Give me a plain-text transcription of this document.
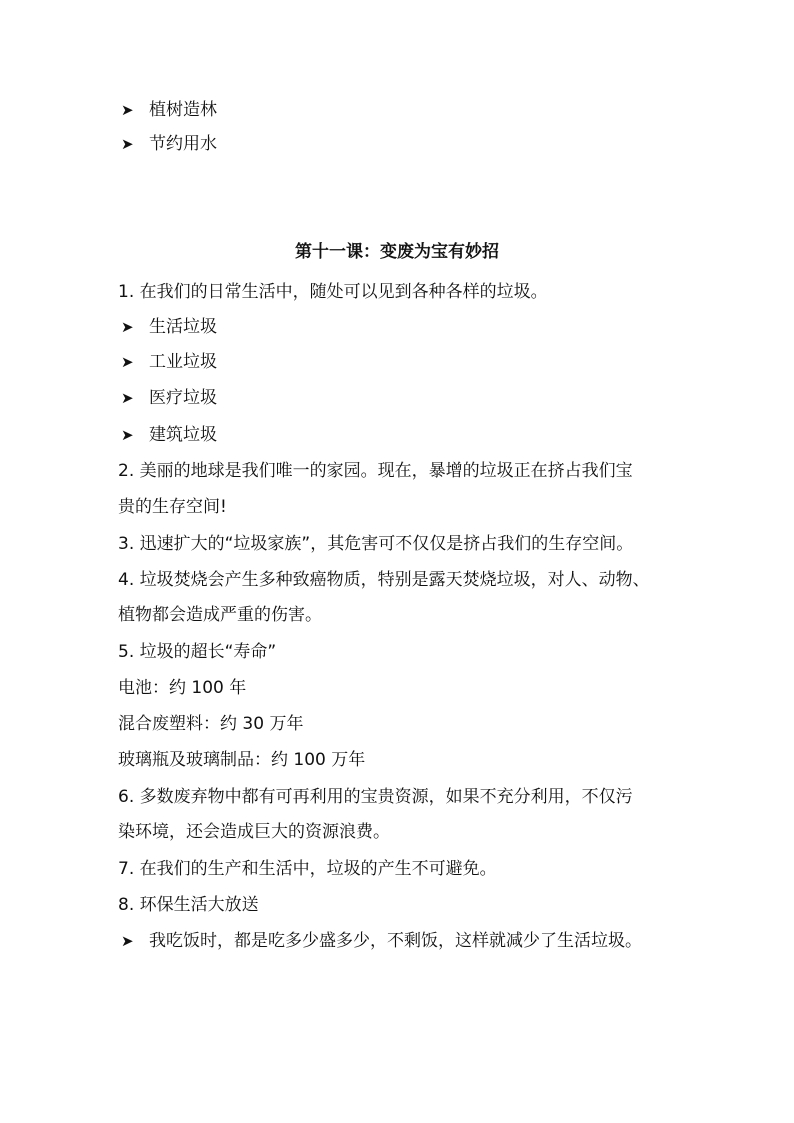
➤ 植树造林
➤ 节约用水
第十一课：变废为宝有妙招
1. 在我们的日常生活中，随处可以见到各种各样的垃圾。
➤ 生活垃圾
➤ 工业垃圾
➤ 医疗垃圾
➤ 建筑垃圾
2. 美丽的地球是我们唯一的家园。现在，暴增的垃圾正在挤占我们宝
贵的生存空间!
3. 迅速扩大的“垃圾家族”，其危害可不仅仅是挤占我们的生存空间。
4. 垃圾焚烧会产生多种致癌物质，特别是露天焚烧垃圾，对人、动物、
植物都会造成严重的伤害。
5. 垃圾的超长“寿命”
电池：约 100 年
混合废塑料：约 30 万年
玻璃瓶及玻璃制品：约 100 万年
6. 多数废弃物中都有可再利用的宝贵资源，如果不充分利用，不仅污
染环境，还会造成巨大的资源浪费。
7. 在我们的生产和生活中，垃圾的产生不可避免。
8. 环保生活大放送
➤ 我吃饭时，都是吃多少盛多少，不剩饭，这样就减少了生活垃圾。
